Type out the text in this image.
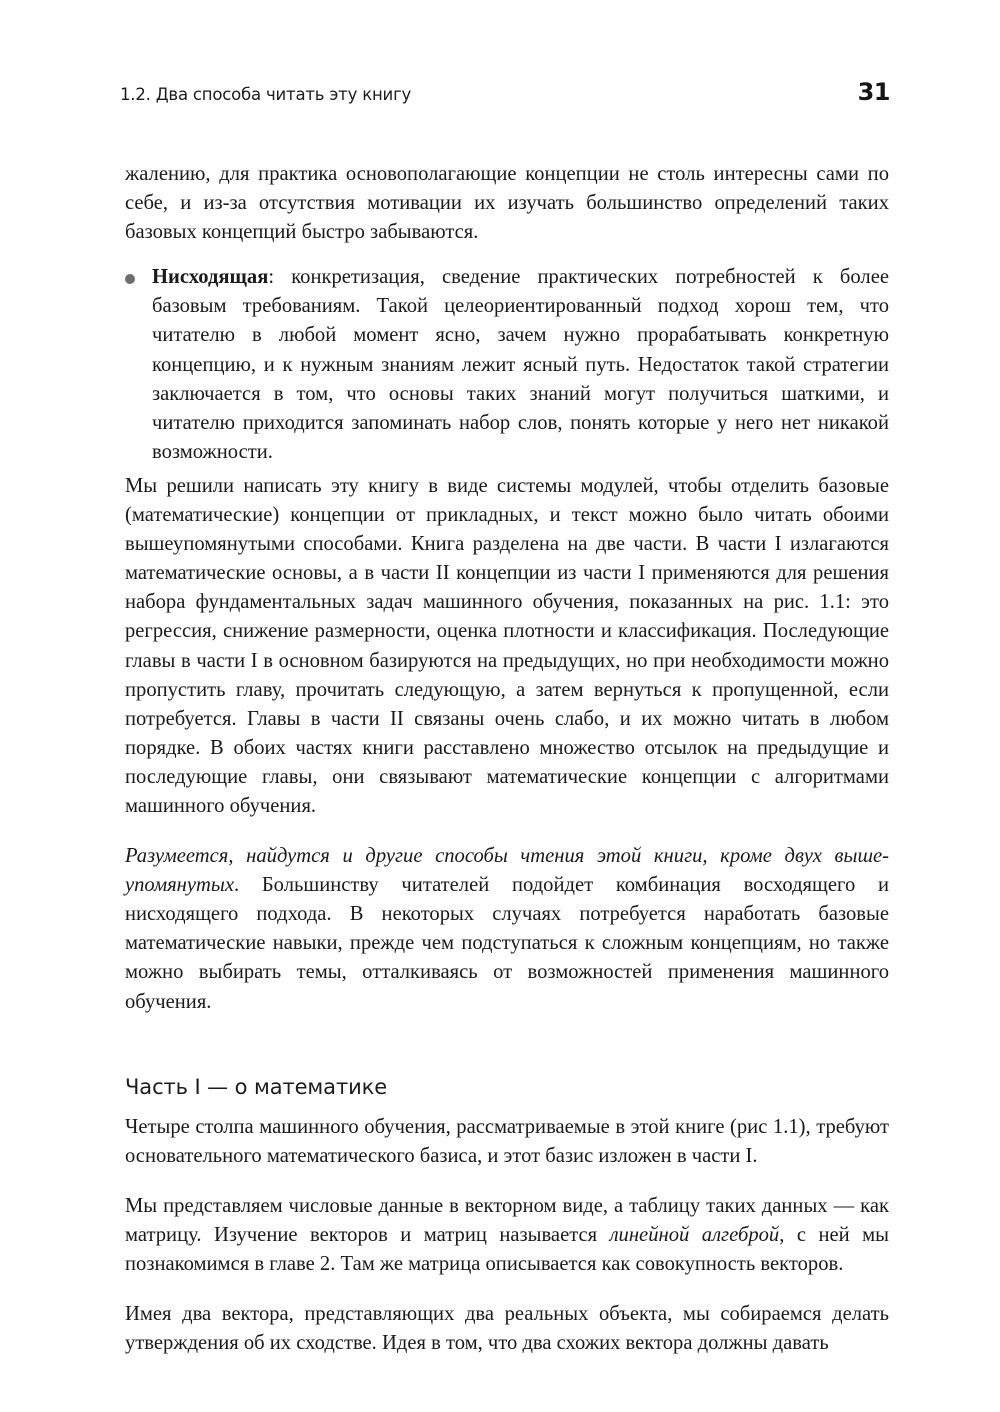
1.2. Два способа читать эту книгу	31

жалению, для практика основополагающие концепции не столь интересны сами по себе, и из-за отсутствия мотивации их изучать большинство определений таких базовых концепций быстро забываются.

Нисходящая: конкретизация, сведение практических потребностей к более базовым требованиям. Такой целеориентированный подход хорош тем, что читателю в любой момент ясно, зачем нужно прорабатывать конкретную концепцию, и к нужным знаниям лежит ясный путь. Недостаток такой стратегии заключается в том, что основы таких знаний могут получиться шаткими, и читателю приходится запоминать набор слов, понять которые у него нет никакой возможности.

Мы решили написать эту книгу в виде системы модулей, чтобы отделить базовые (математические) концепции от прикладных, и текст можно было читать обоими вышеупомянутыми способами. Книга разделена на две части. В части I излагаются математические основы, а в части II концепции из части I применяются для решения набора фундаментальных задач машинного обучения, показанных на рис. 1.1: это регрессия, снижение размерности, оценка плотности и классификация. Последующие главы в части I в основном базируются на предыдущих, но при необходимости можно пропустить главу, прочитать следующую, а затем вернуться к пропущенной, если потребуется. Главы в части II связаны очень слабо, и их можно читать в любом порядке. В обоих частях книги расставлено множество отсылок на предыдущие и последующие главы, они связывают математические концепции с алгоритмами машинного обучения.

Разумеется, найдутся и другие способы чтения этой книги, кроме двух вышеупомянутых. Большинству читателей подойдет комбинация восходящего и нисходящего подхода. В некоторых случаях потребуется наработать базовые математические навыки, прежде чем подступаться к сложным концепциям, но также можно выбирать темы, отталкиваясь от возможностей применения машинного обучения.

Часть I — о математике

Четыре столпа машинного обучения, рассматриваемые в этой книге (рис 1.1), требуют основательного математического базиса, и этот базис изложен в части I.

Мы представляем числовые данные в векторном виде, а таблицу таких данных — как матрицу. Изучение векторов и матриц называется линейной алгеброй, с ней мы познакомимся в главе 2. Там же матрица описывается как совокупность векторов.

Имея два вектора, представляющих два реальных объекта, мы собираемся делать утверждения об их сходстве. Идея в том, что два схожих вектора должны давать
